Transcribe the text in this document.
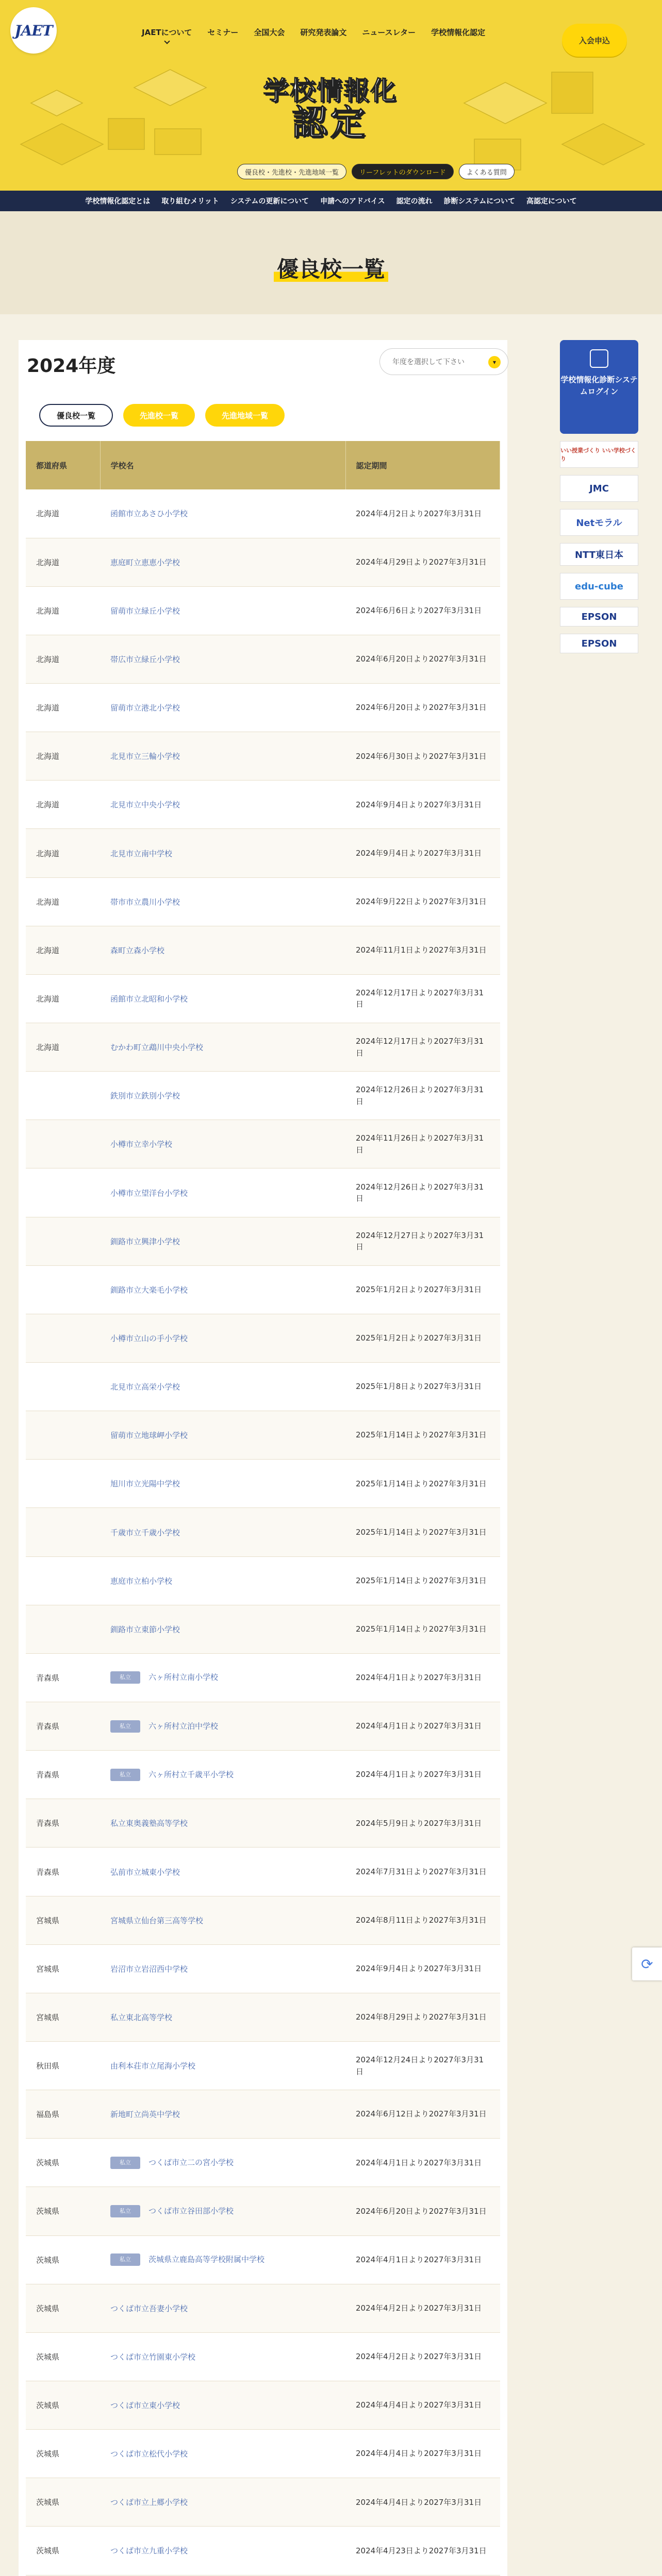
JAET	JAETについて セミナー 全国大会 研究発表論文 ニュースレター 学校情報化認定
入会申込
学校情報化
認定
優良校・先進校・先進地域一覧	リーフレットのダウンロード	よくある質問
学校情報化認定とは 取り組むメリット システムの更新について 申請へのアドバイス 認定の流れ 診断システムについて 高認定について
優良校一覧
2024年度	年度を選択して下さい	▾
優良校一覧	先進校一覧	先進地域一覧
都道府県	学校名	認定期間
北海道	函館市立あさひ小学校	2024年4月2日より2027年3月31日
北海道	恵庭町立恵恵小学校	2024年4月29日より2027年3月31日
北海道	留萌市立緑丘小学校	2024年6月6日より2027年3月31日
北海道	帯広市立緑丘小学校	2024年6月20日より2027年3月31日
北海道	留萌市立港北小学校	2024年6月20日より2027年3月31日
北海道	北見市立三輪小学校	2024年6月30日より2027年3月31日
北海道	北見市立中央小学校	2024年9月4日より2027年3月31日
北海道	北見市立南中学校	2024年9月4日より2027年3月31日
北海道	帯市市立農川小学校	2024年9月22日より2027年3月31日
北海道	森町立森小学校	2024年11月1日より2027年3月31日
北海道	函館市立北昭和小学校	2024年12月17日より2027年3月31日
北海道	むかわ町立鵡川中央小学校	2024年12月17日より2027年3月31日
	鉄別市立鉄別小学校	2024年12月26日より2027年3月31日
	小樽市立幸小学校	2024年11月26日より2027年3月31日
	小樽市立望洋台小学校	2024年12月26日より2027年3月31日
	釧路市立興津小学校	2024年12月27日より2027年3月31日
	釧路市立大楽毛小学校	2025年1月2日より2027年3月31日
	小樽市立山の手小学校	2025年1月2日より2027年3月31日
	北見市立高栄小学校	2025年1月8日より2027年3月31日
	留萌市立地球岬小学校	2025年1月14日より2027年3月31日
	旭川市立光陽中学校	2025年1月14日より2027年3月31日
	千歳市立千歳小学校	2025年1月14日より2027年3月31日
	恵庭市立柏小学校	2025年1月14日より2027年3月31日
	釧路市立東節小学校	2025年1月14日より2027年3月31日
青森県	私立 六ヶ所村立南小学校	2024年4月1日より2027年3月31日
青森県	私立 六ヶ所村立泊中学校	2024年4月1日より2027年3月31日
青森県	私立 六ヶ所村立千歳平小学校	2024年4月1日より2027年3月31日
青森県	私立東奥義塾高等学校	2024年5月9日より2027年3月31日
青森県	弘前市立城東小学校	2024年7月31日より2027年3月31日
宮城県	宮城県立仙台第三高等学校	2024年8月11日より2027年3月31日
宮城県	岩沼市立岩沼西中学校	2024年9月4日より2027年3月31日
宮城県	私立東北高等学校	2024年8月29日より2027年3月31日
秋田県	由利本荘市立尾海小学校	2024年12月24日より2027年3月31日
福島県	新地町立尚英中学校	2024年6月12日より2027年3月31日
茨城県	私立 つくば市立二の宮小学校	2024年4月1日より2027年3月31日
茨城県	私立 つくば市立谷田部小学校	2024年6月20日より2027年3月31日
茨城県	私立 茨城県立鹿島高等学校附属中学校	2024年4月1日より2027年3月31日
茨城県	つくば市立吾妻小学校	2024年4月2日より2027年3月31日
茨城県	つくば市立竹園東小学校	2024年4月2日より2027年3月31日
茨城県	つくば市立東小学校	2024年4月4日より2027年3月31日
茨城県	つくば市立松代小学校	2024年4月4日より2027年3月31日
茨城県	つくば市立上郷小学校	2024年4月4日より2027年3月31日
茨城県	つくば市立九重小学校	2024年4月23日より2027年3月31日

学校情報化診断システムログイン
いい授業づくり いい学校づくり
JMC
Netモラル
NTT東日本
edu-cube
EPSON
EPSON
⟳
